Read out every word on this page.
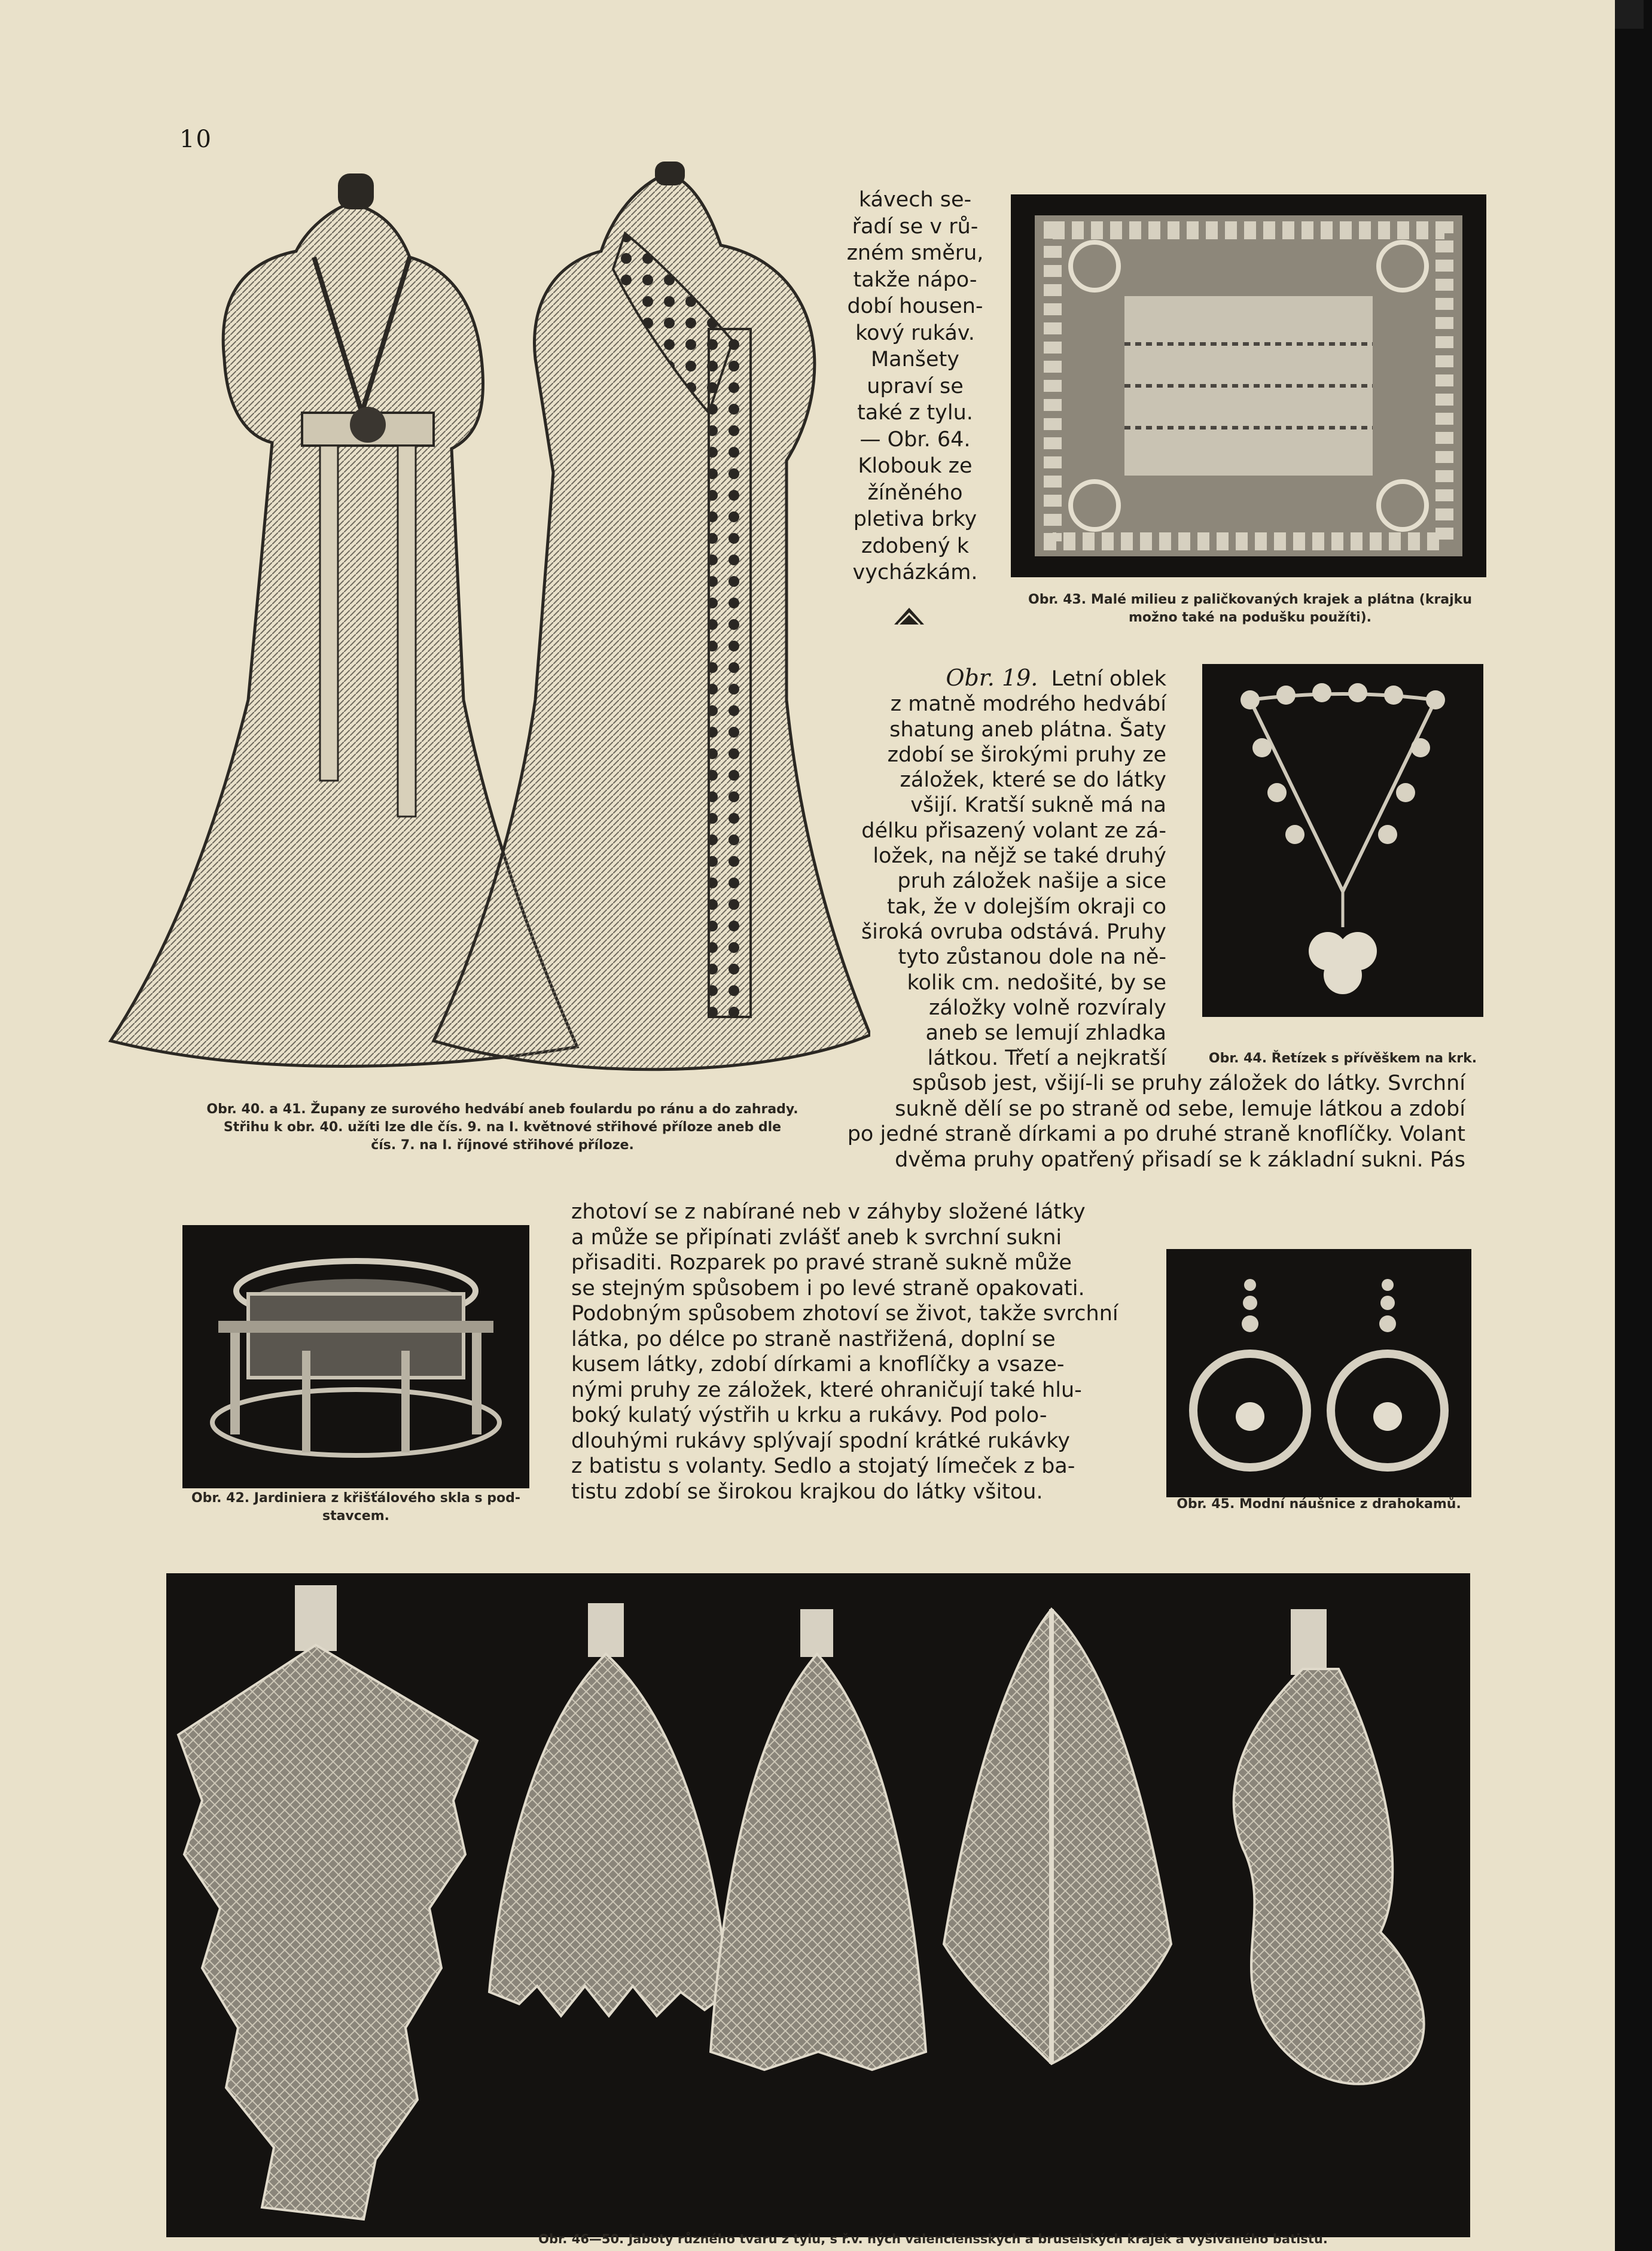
10
Obr. 40. a 41. Župany ze surového hedvábí aneb foulardu po ránu a do zahrady.
Střihu k obr. 40. užíti lze dle čís. 9. na I. květnové střihové příloze aneb dle
čís. 7. na I. říjnové střihové příloze.
kávech se-
řadí se v rů-
zném směru,
takže nápo-
dobí housen-
kový rukáv.
Manšety
upraví se
také z tylu.
— Obr. 64.
Klobouk ze
žíněného
pletiva brky
zdobený k
vycházkám.
Obr. 43. Malé milieu z paličkovaných krajek a plátna (krajku
možno také na podušku použíti).
Obr. 19. Letní oblek
z matně modrého hedvábí
shatung aneb plátna. Šaty
zdobí se širokými pruhy ze
záložek, které se do látky
všijí. Kratší sukně má na
délku přisazený volant ze zá-
ložek, na nějž se také druhý
pruh záložek našije a sice
tak, že v dolejším okraji co
široká ovruba odstává. Pruhy
tyto zůstanou dole na ně-
kolik cm. nedošité, by se
záložky volně rozvíraly
aneb se lemují zhladka
látkou. Třetí a nejkratší	Obr. 44. Řetízek s přívěškem na krk.
spůsob jest, všijí-li se pruhy záložek do látky. Svrchní
sukně dělí se po straně od sebe, lemuje látkou a zdobí
po jedné straně dírkami a po druhé straně knoflíčky. Volant
dvěma pruhy opatřený přisadí se k základní sukni. Pás
zhotoví se z nabírané neb v záhyby složené látky
a může se připínati zvlášť aneb k svrchní sukni
přisaditi. Rozparek po pravé straně sukně může
se stejným spůsobem i po levé straně opakovati.
Podobným spůsobem zhotoví se život, takže svrchní
látka, po délce po straně nastřižená, doplní se
kusem látky, zdobí dírkami a knoflíčky a vsaze-
nými pruhy ze záložek, které ohraničují také hlu-
boký kulatý výstřih u krku a rukávy. Pod polo-
dlouhými rukávy splývají spodní krátké rukávky
z batistu s volanty. Sedlo a stojatý límeček z ba-
tistu zdobí se širokou krajkou do látky všitou.
Obr. 42. Jardiniera z křišťálového skla s pod-
stavcem.
Obr. 45. Modní náušnice z drahokamů.
Obr. 46—50. Jaboty různého tvaru z tylu, s ř.v. ných valenciensských a bruselských krajek a vyšívaného batistu.
